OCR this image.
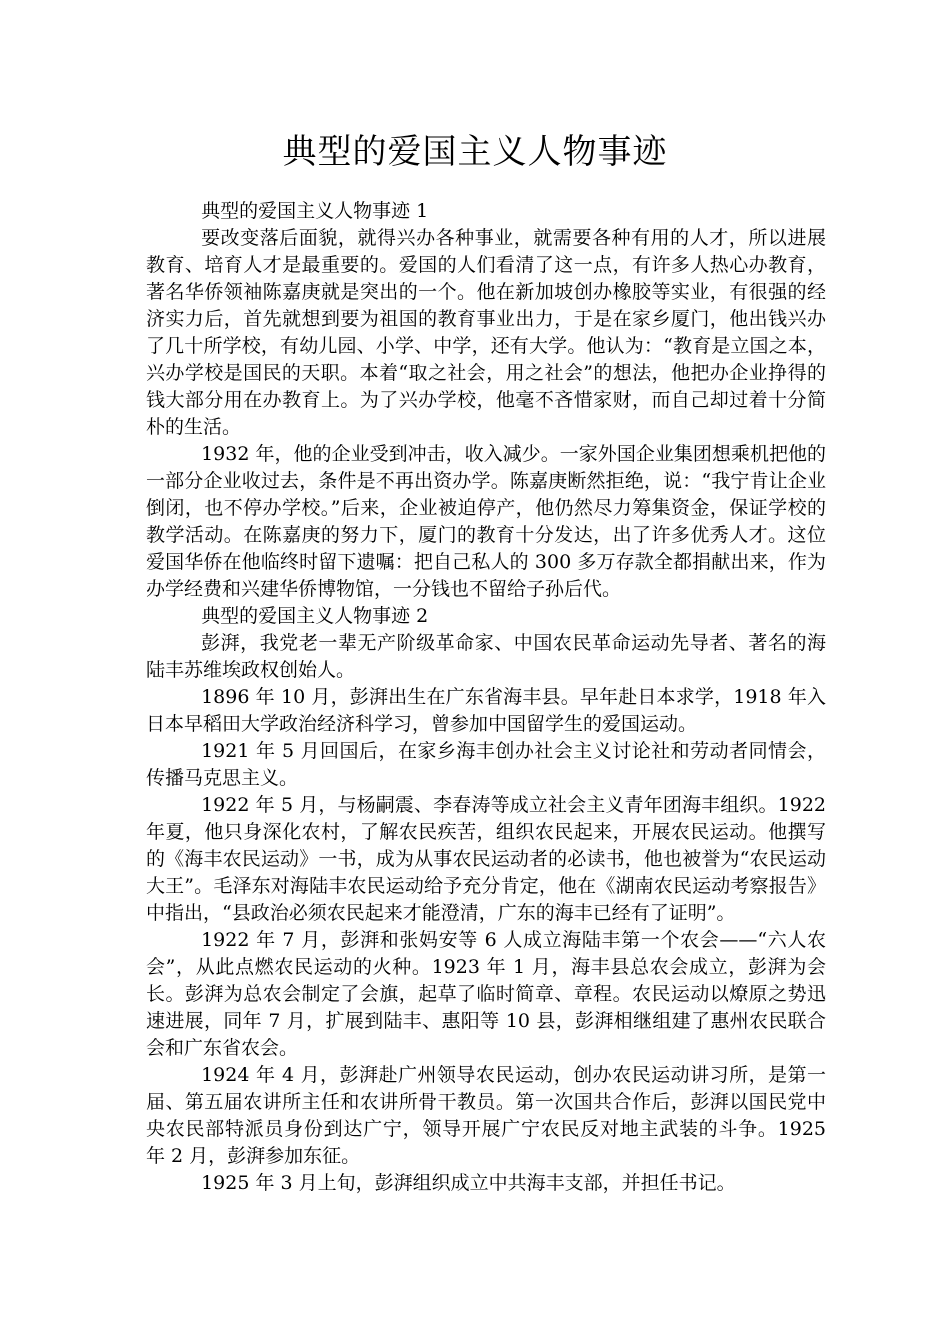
典型的爱国主义人物事迹

典型的爱国主义人物事迹 1

要改变落后面貌，就得兴办各种事业，就需要各种有用的人才，所以进展教育、培育人才是最重要的。爱国的人们看清了这一点，有许多人热心办教育，著名华侨领袖陈嘉庚就是突出的一个。他在新加坡创办橡胶等实业，有很强的经济实力后，首先就想到要为祖国的教育事业出力，于是在家乡厦门，他出钱兴办了几十所学校，有幼儿园、小学、中学，还有大学。他认为：“教育是立国之本，兴办学校是国民的天职。本着“取之社会，用之社会”的想法，他把办企业挣得的钱大部分用在办教育上。为了兴办学校，他毫不吝惜家财，而自己却过着十分简朴的生活。

1932 年，他的企业受到冲击，收入减少。一家外国企业集团想乘机把他的一部分企业收过去，条件是不再出资办学。陈嘉庚断然拒绝，说：“我宁肯让企业倒闭，也不停办学校。”后来，企业被迫停产，他仍然尽力筹集资金，保证学校的教学活动。在陈嘉庚的努力下，厦门的教育十分发达，出了许多优秀人才。这位爱国华侨在他临终时留下遗嘱：把自己私人的 300 多万存款全都捐献出来，作为办学经费和兴建华侨博物馆，一分钱也不留给子孙后代。

典型的爱国主义人物事迹 2

彭湃，我党老一辈无产阶级革命家、中国农民革命运动先导者、著名的海陆丰苏维埃政权创始人。

1896 年 10 月，彭湃出生在广东省海丰县。早年赴日本求学，1918 年入日本早稻田大学政治经济科学习，曾参加中国留学生的爱国运动。

1921 年 5 月回国后，在家乡海丰创办社会主义讨论社和劳动者同情会，传播马克思主义。

1922 年 5 月，与杨嗣震、李春涛等成立社会主义青年团海丰组织。1922 年夏，他只身深化农村，了解农民疾苦，组织农民起来，开展农民运动。他撰写的《海丰农民运动》一书，成为从事农民运动者的必读书，他也被誉为“农民运动大王”。毛泽东对海陆丰农民运动给予充分肯定，他在《湖南农民运动考察报告》中指出，“县政治必须农民起来才能澄清，广东的海丰已经有了证明”。

1922 年 7 月，彭湃和张妈安等 6 人成立海陆丰第一个农会——“六人农会”，从此点燃农民运动的火种。1923 年 1 月，海丰县总农会成立，彭湃为会长。彭湃为总农会制定了会旗，起草了临时简章、章程。农民运动以燎原之势迅速进展，同年 7 月，扩展到陆丰、惠阳等 10 县，彭湃相继组建了惠州农民联合会和广东省农会。

1924 年 4 月，彭湃赴广州领导农民运动，创办农民运动讲习所，是第一届、第五届农讲所主任和农讲所骨干教员。第一次国共合作后，彭湃以国民党中央农民部特派员身份到达广宁，领导开展广宁农民反对地主武装的斗争。1925 年 2 月，彭湃参加东征。

1925 年 3 月上旬，彭湃组织成立中共海丰支部，并担任书记。
